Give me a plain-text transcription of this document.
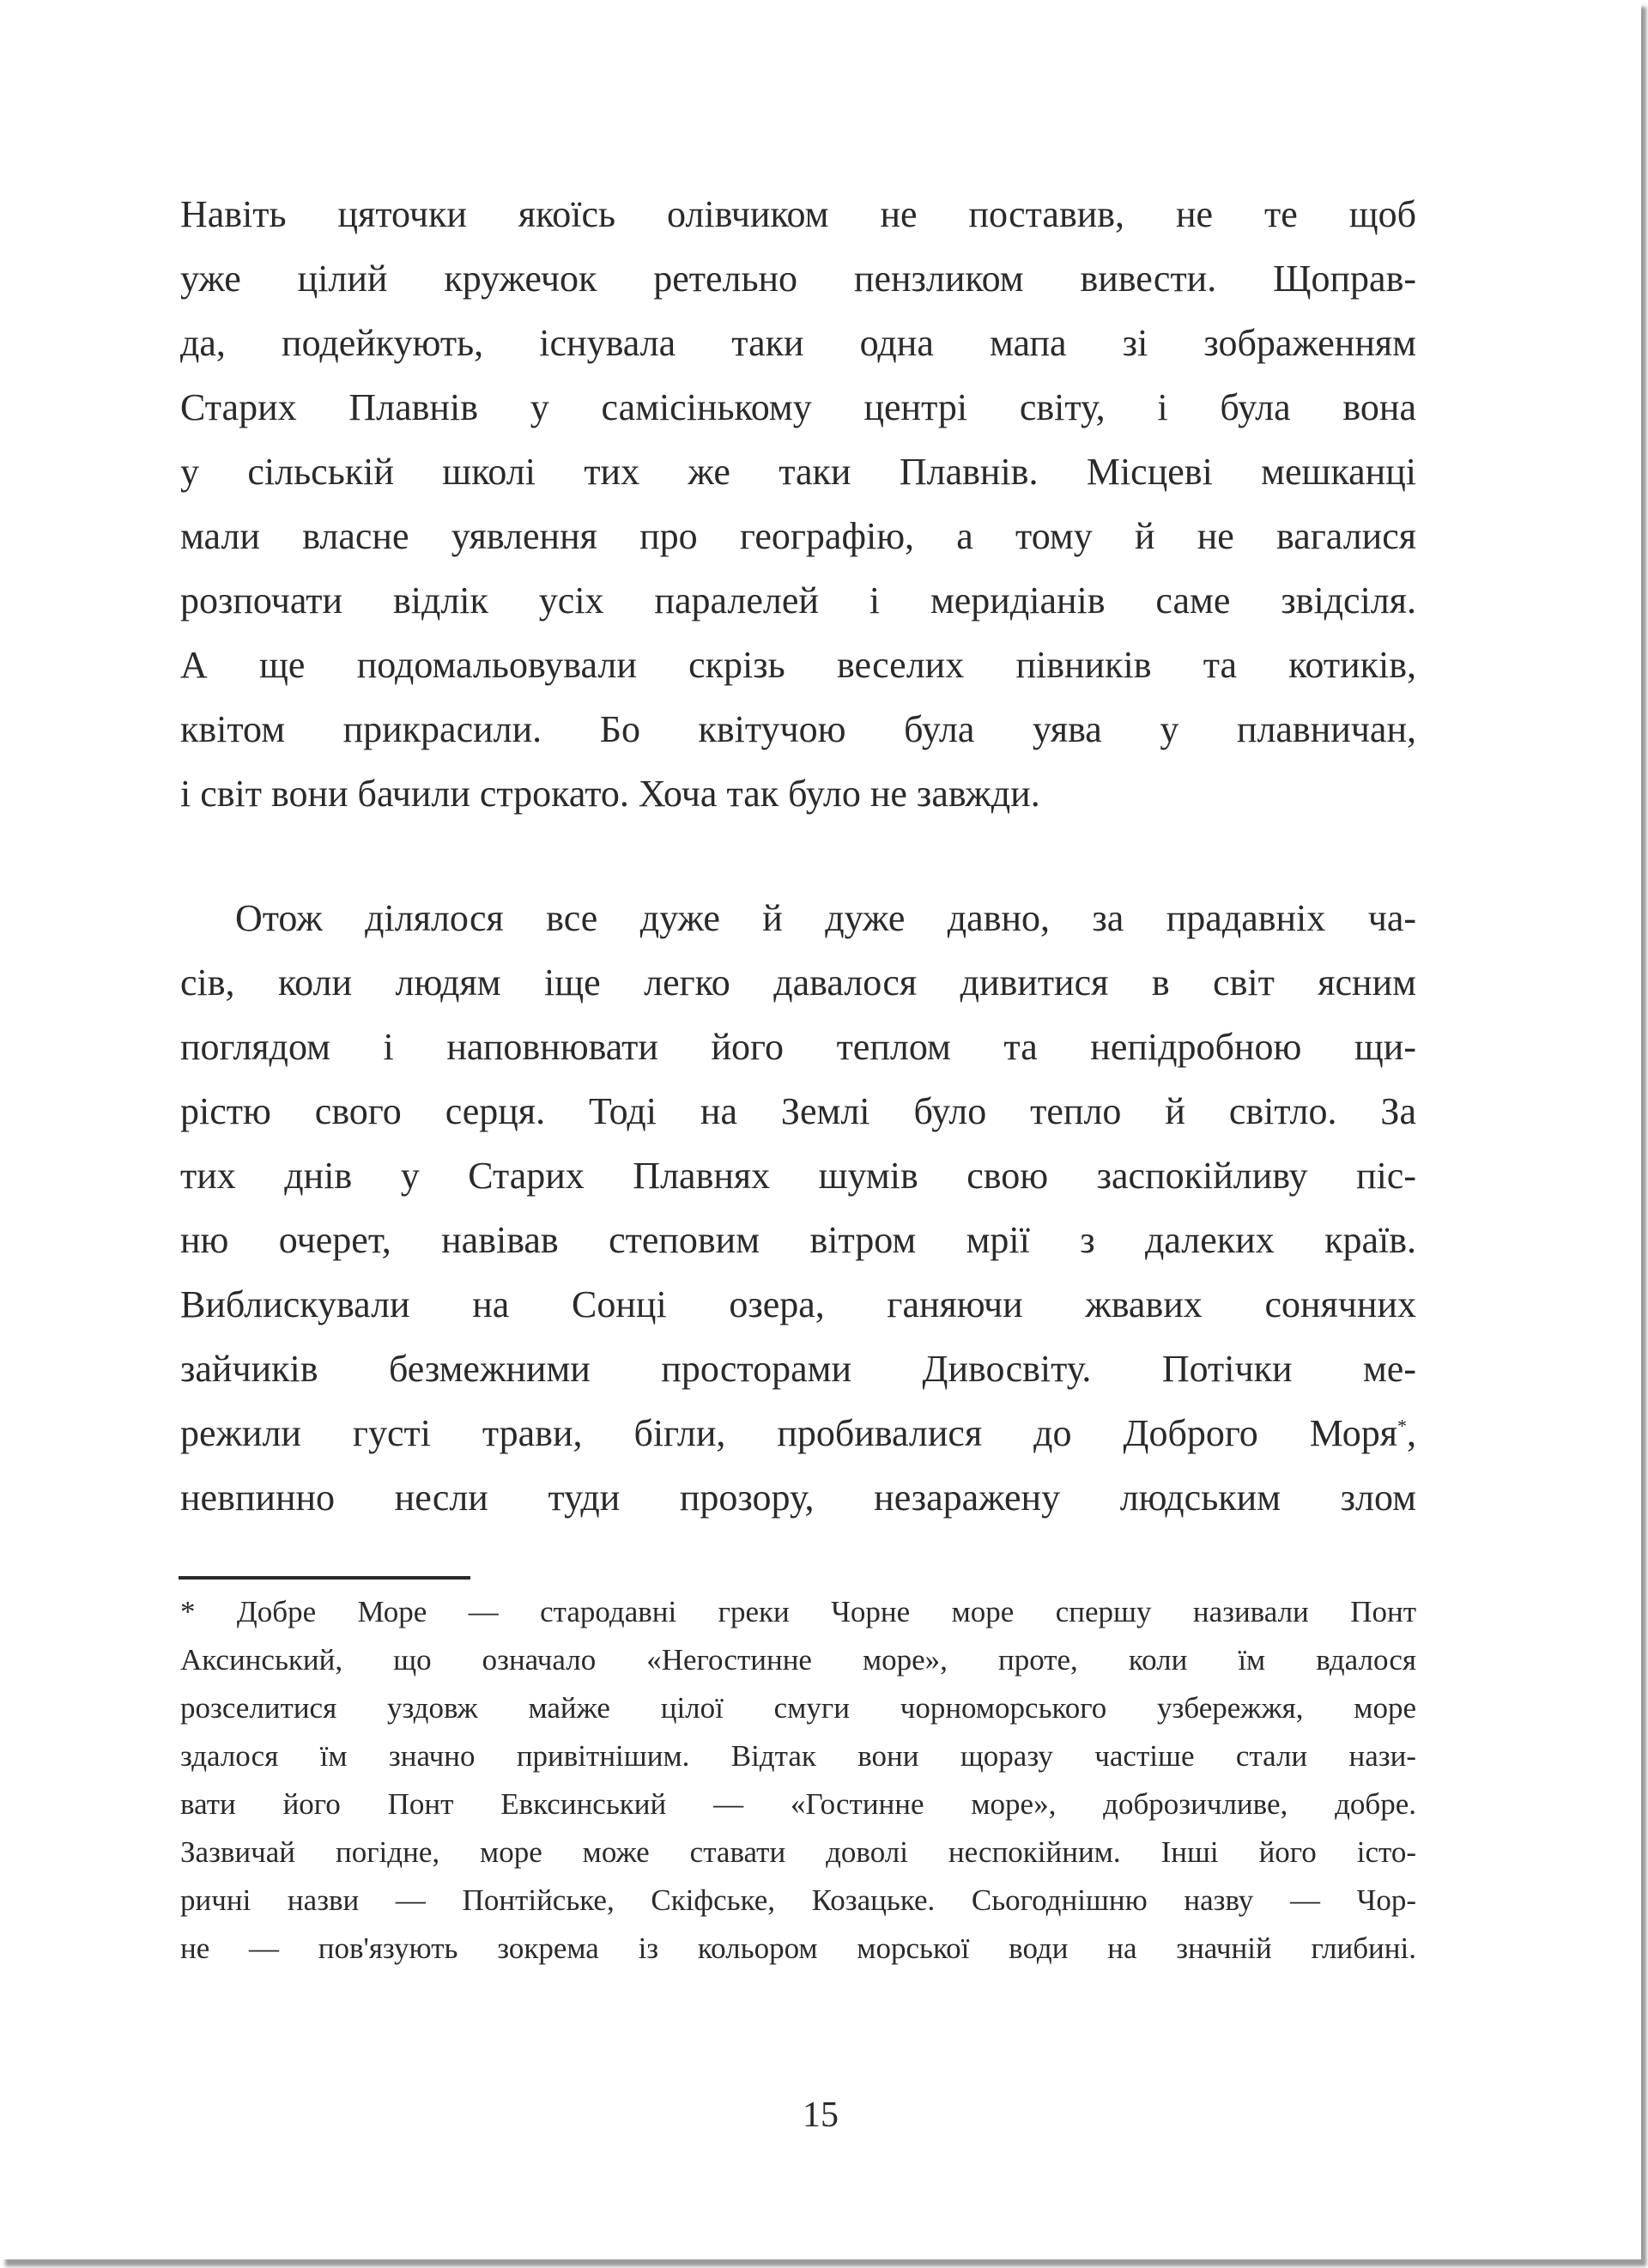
Навіть цяточки якоїсь олівчиком не поставив, не те щоб
уже цілий кружечок ретельно пензликом вивести. Щоправ-
да, подейкують, існувала таки одна мапа зі зображенням
Старих Плавнів у самісінькому центрі світу, і була вона
у сільській школі тих же таки Плавнів. Місцеві мешканці
мали власне уявлення про географію, а тому й не вагалися
розпочати відлік усіх паралелей і меридіанів саме звідсіля.
А ще подомальовували скрізь веселих півників та котиків,
квітом прикрасили. Бо квітучою була уява у плавничан,
і світ вони бачили строкато. Хоча так було не завжди.
Отож ділялося все дуже й дуже давно, за прадавніх ча-
сів, коли людям іще легко давалося дивитися в світ ясним
поглядом і наповнювати його теплом та непідробною щи-
рістю свого серця. Тоді на Землі було тепло й світло. За
тих днів у Старих Плавнях шумів свою заспокійливу піс-
ню очерет, навівав степовим вітром мрії з далеких країв.
Виблискували на Сонці озера, ганяючи жвавих сонячних
зайчиків безмежними просторами Дивосвіту. Потічки ме-
режили густі трави, бігли, пробивалися до Доброго Моря*,
невпинно несли туди прозору, незаражену людським злом
* Добре Море — стародавні греки Чорне море спершу називали Понт
Аксинський, що означало «Негостинне море», проте, коли їм вдалося
розселитися уздовж майже цілої смуги чорноморського узбережжя, море
здалося їм значно привітнішим. Відтак вони щоразу частіше стали нази-
вати його Понт Евксинський — «Гостинне море», доброзичливе, добре.
Зазвичай погідне, море може ставати доволі неспокійним. Інші його істо-
ричні назви — Понтійське, Скіфське, Козацьке. Сьогоднішню назву — Чор-
не — пов'язують зокрема із кольором морської води на значній глибині.
15
